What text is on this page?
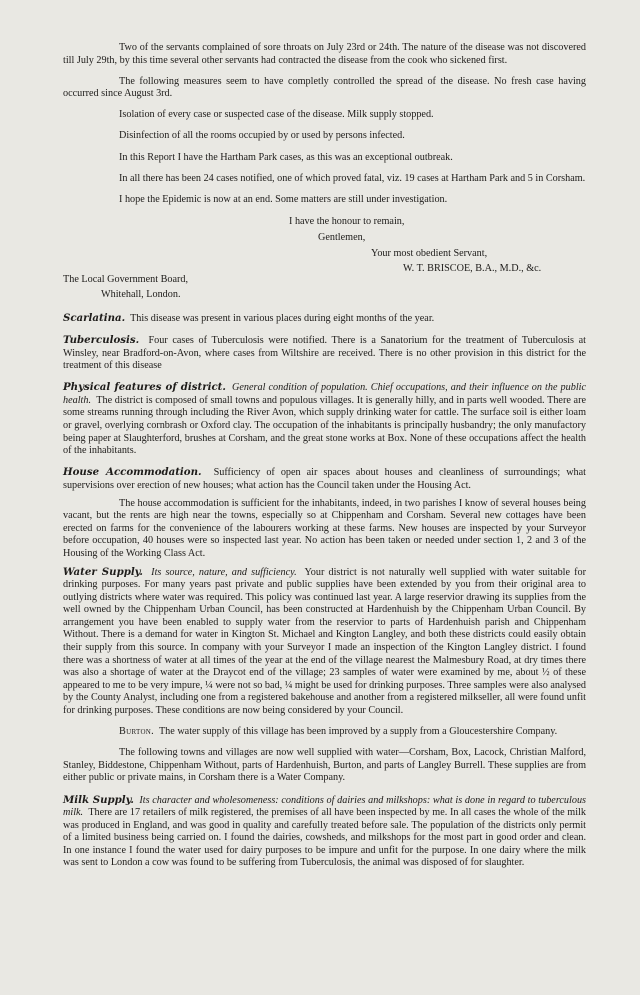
Two of the servants complained of sore throats on July 23rd or 24th. The nature of the disease was not discovered till July 29th, by this time several other servants had contracted the disease from the cook who sickened first.

The following measures seem to have completly controlled the spread of the disease. No fresh case having occurred since August 3rd.

Isolation of every case or suspected case of the disease. Milk supply stopped.

Disinfection of all the rooms occupied by or used by persons infected.

In this Report I have the Hartham Park cases, as this was an exceptional outbreak.

In all there has been 24 cases notified, one of which proved fatal, viz. 19 cases at Hartham Park and 5 in Corsham.

I hope the Epidemic is now at an end. Some matters are still under investigation.

I have the honour to remain,

Gentlemen,

Your most obedient Servant,

W. T. BRISCOE, B.A., M.D., &c.

The Local Government Board,

Whitehall, London.

Scarlatina. This disease was present in various places during eight months of the year.

Tuberculosis. Four cases of Tuberculosis were notified. There is a Sanatorium for the treatment of Tuberculosis at Winsley, near Bradford-on-Avon, where cases from Wiltshire are received. There is no other provision in this district for the treatment of this disease

Physical features of district. General condition of population. Chief occupations, and their influence on the public health. The district is composed of small towns and populous villages. It is generally hilly, and in parts well wooded. There are some streams running through including the River Avon, which supply drinking water for cattle. The surface soil is either loam or gravel, overlying cornbrash or Oxford clay. The occupation of the inhabitants is principally husbandry; the only manufactory being paper at Slaughterford, brushes at Corsham, and the great stone works at Box. None of these occupations affect the health of the inhabitants.

House Accommodation. Sufficiency of open air spaces about houses and cleanliness of surroundings; what supervisions over erection of new houses; what action has the Council taken under the Housing Act.

The house accommodation is sufficient for the inhabitants, indeed, in two parishes I know of several houses being vacant, but the rents are high near the towns, especially so at Chippenham and Corsham. Several new cottages have been erected on farms for the convenience of the labourers working at these farms. New houses are inspected by your Surveyor before occupation, 40 houses were so inspected last year. No action has been taken or needed under section 1, 2 and 3 of the Housing of the Working Class Act.

Water Supply. Its source, nature, and sufficiency. Your district is not naturally well supplied with water suitable for drinking purposes. For many years past private and public supplies have been extended by you from their original area to outlying districts where water was required. This policy was continued last year. A large reservior drawing its supplies from the well owned by the Chippenham Urban Council, has been constructed at Hardenhuish by the Chippenham Urban Council. By arrangement you have been enabled to supply water from the reservior to parts of Hardenhuish parish and Chippenham Without. There is a demand for water in Kington St. Michael and Kington Langley, and both these districts could easily obtain their supply from this source. In company with your Surveyor I made an inspection of the Kington Langley district. I found there was a shortness of water at all times of the year at the end of the village nearest the Malmesbury Road, at dry times there was also a shortage of water at the Draycot end of the village; 23 samples of water were examined by me, about ½ of these appeared to me to be very impure, ¼ were not so bad, ¼ might be used for drinking purposes. Three samples were also analysed by the County Analyst, including one from a registered bakehouse and another from a registered milkseller, all were found unfit for drinking purposes. These conditions are now being considered by your Council.

Burton. The water supply of this village has been improved by a supply from a Gloucestershire Company.

The following towns and villages are now well supplied with water—Corsham, Box, Lacock, Christian Malford, Stanley, Biddestone, Chippenham Without, parts of Hardenhuish, Burton, and parts of Langley Burrell. These supplies are from either public or private mains, in Corsham there is a Water Company.

Milk Supply. Its character and wholesomeness: conditions of dairies and milkshops: what is done in regard to tuberculous milk. There are 17 retailers of milk registered, the premises of all have been inspected by me. In all cases the whole of the milk was produced in England, and was good in quality and carefully treated before sale. The population of the districts only permit of a limited business being carried on. I found the dairies, cowsheds, and milkshops for the most part in good order and clean. In one instance I found the water used for dairy purposes to be impure and unfit for the purpose. In one dairy where the milk was sent to London a cow was found to be suffering from Tuberculosis, the animal was disposed of for slaughter.
